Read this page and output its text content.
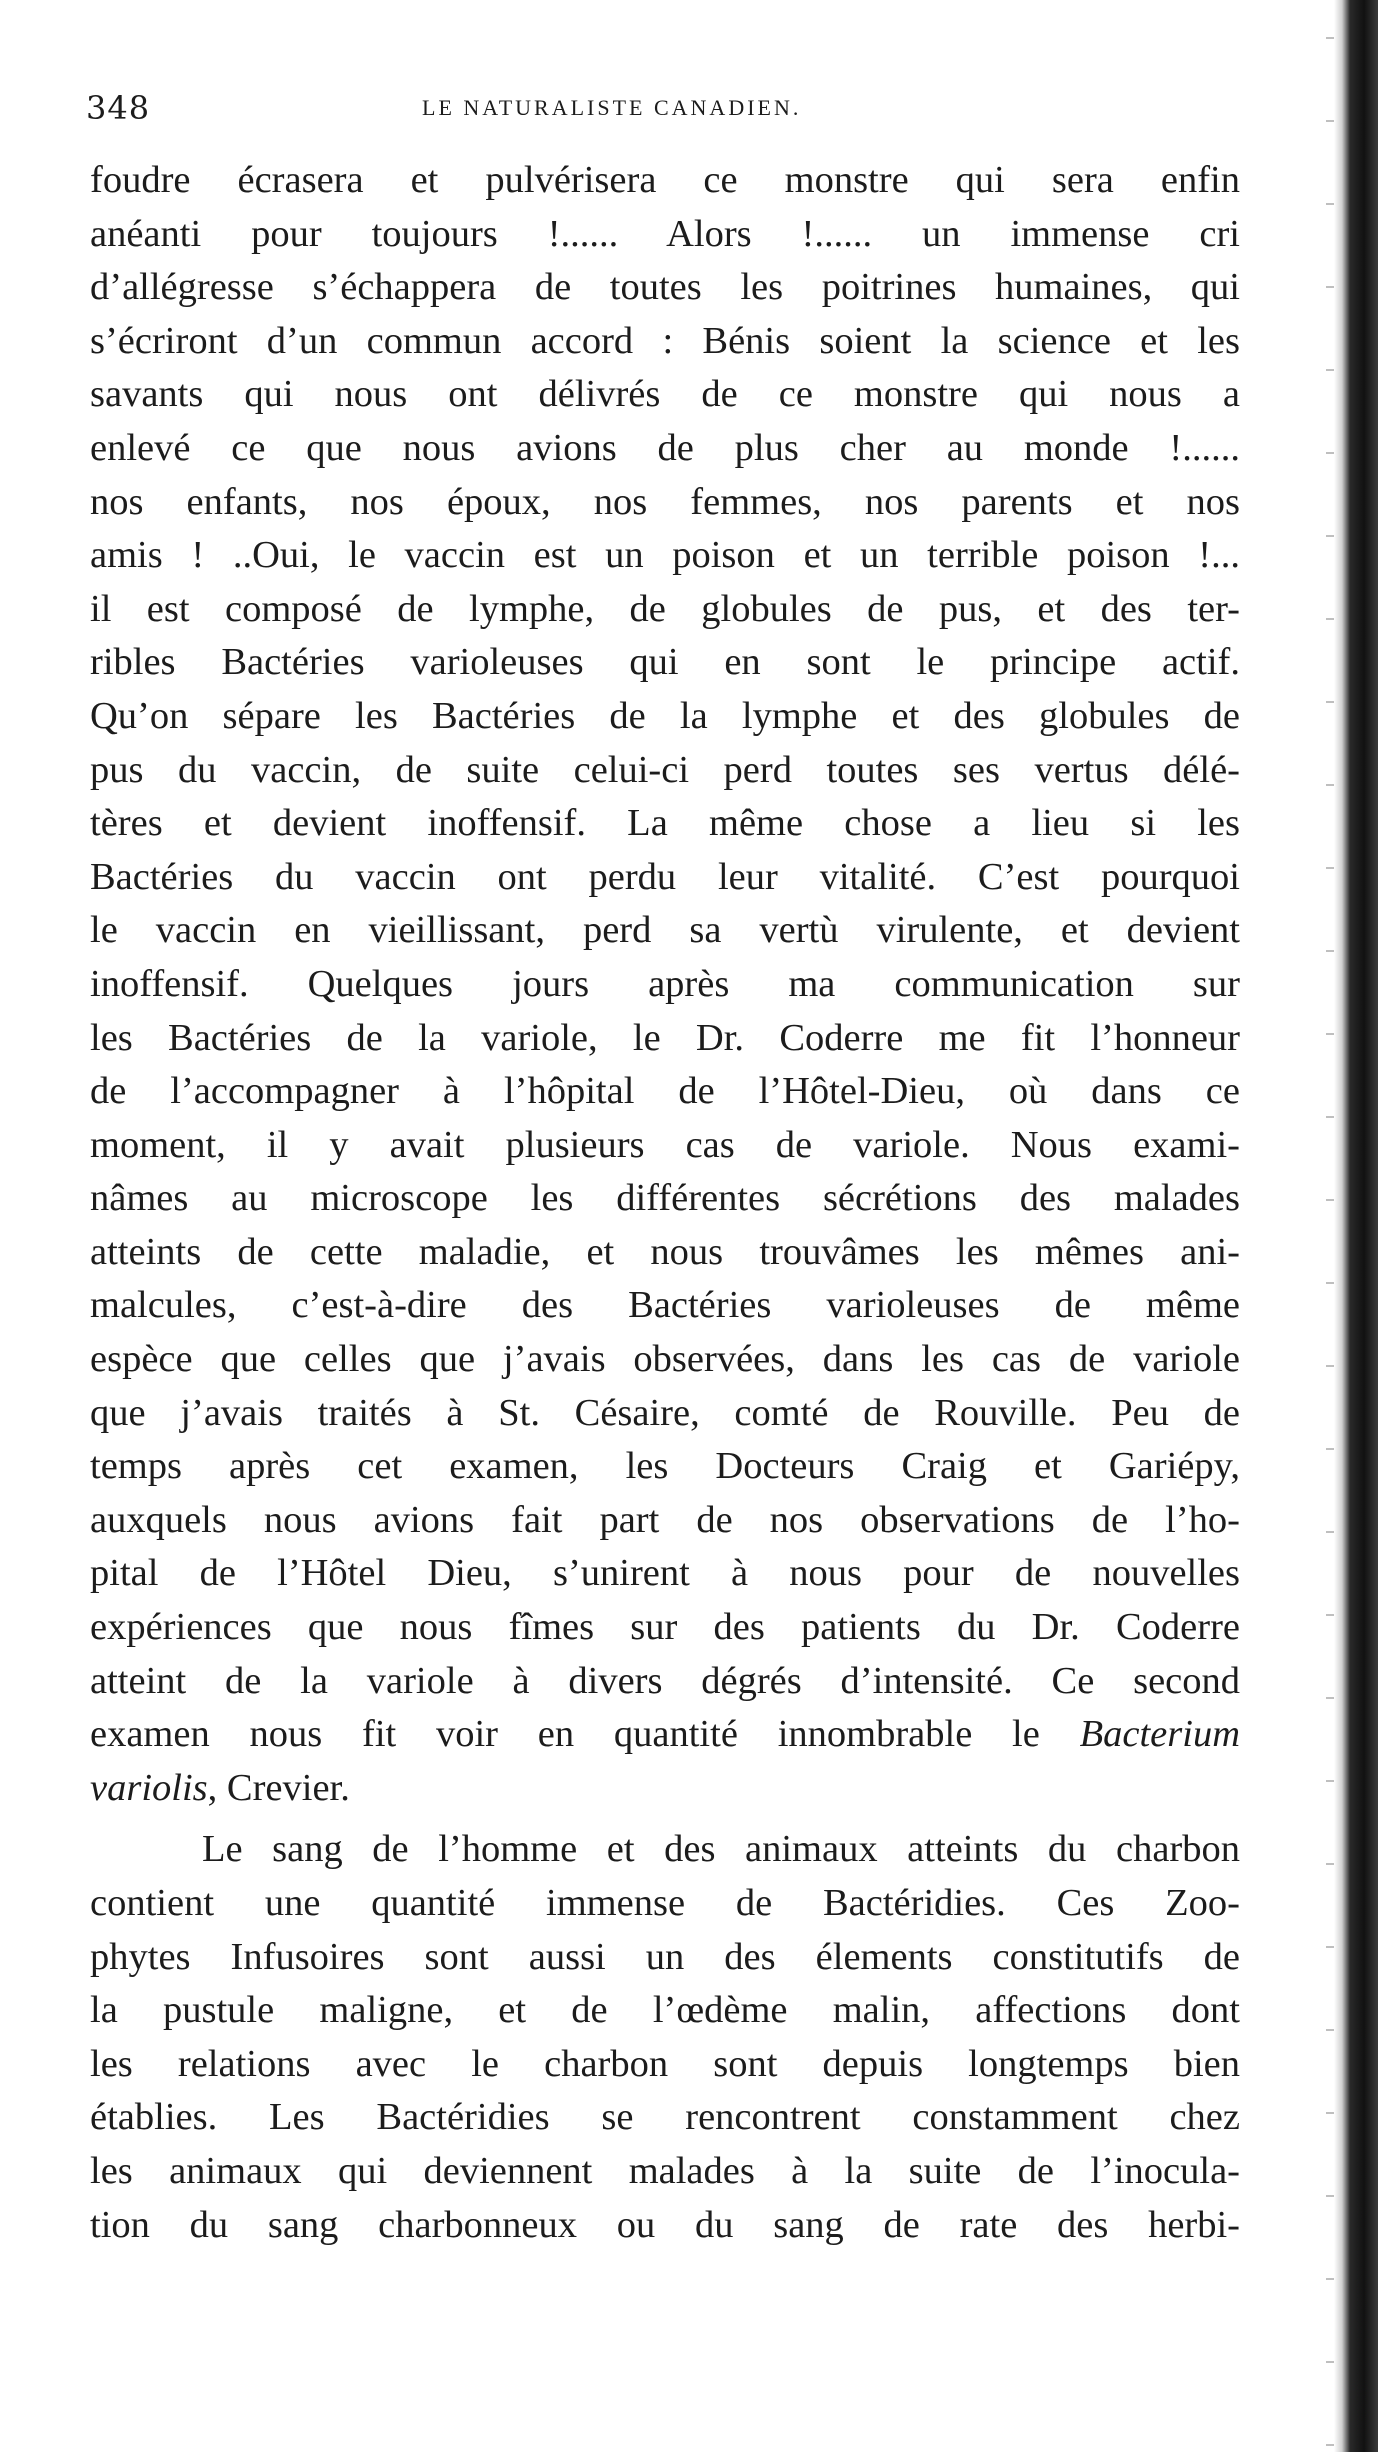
348	LE NATURALISTE CANADIEN.
foudre écrasera et pulvérisera ce monstre qui sera enfin
anéanti pour toujours !...... Alors !...... un immense cri
d’allégresse s’échappera de toutes les poitrines humaines, qui
s’écriront d’un commun accord : Bénis soient la science et les
savants qui nous ont délivrés de ce monstre qui nous a
enlevé ce que nous avions de plus cher au monde !......
nos enfants, nos époux, nos femmes, nos parents et nos
amis ! ..Oui, le vaccin est un poison et un terrible poison !...
il est composé de lymphe, de globules de pus, et des ter-
ribles Bactéries varioleuses qui en sont le principe actif.
Qu’on sépare les Bactéries de la lymphe et des globules de
pus du vaccin, de suite celui-ci perd toutes ses vertus délé-
tères et devient inoffensif. La même chose a lieu si les
Bactéries du vaccin ont perdu leur vitalité. C’est pourquoi
le vaccin en vieillissant, perd sa vertù virulente, et devient
inoffensif. Quelques jours après ma communication sur
les Bactéries de la variole, le Dr. Coderre me fit l’honneur
de l’accompagner à l’hôpital de l’Hôtel-Dieu, où dans ce
moment, il y avait plusieurs cas de variole. Nous exami-
nâmes au microscope les différentes sécrétions des malades
atteints de cette maladie, et nous trouvâmes les mêmes ani-
malcules, c’est-à-dire des Bactéries varioleuses de même
espèce que celles que j’avais observées, dans les cas de variole
que j’avais traités à St. Césaire, comté de Rouville. Peu de
temps après cet examen, les Docteurs Craig et Gariépy,
auxquels nous avions fait part de nos observations de l’ho-
pital de l’Hôtel Dieu, s’unirent à nous pour de nouvelles
expériences que nous fîmes sur des patients du Dr. Coderre
atteint de la variole à divers dégrés d’intensité. Ce second
examen nous fit voir en quantité innombrable le Bacterium
variolis, Crevier.
Le sang de l’homme et des animaux atteints du charbon
contient une quantité immense de Bactéridies. Ces Zoo-
phytes Infusoires sont aussi un des élements constitutifs de
la pustule maligne, et de l’œdème malin, affections dont
les relations avec le charbon sont depuis longtemps bien
établies. Les Bactéridies se rencontrent constamment chez
les animaux qui deviennent malades à la suite de l’inocula-
tion du sang charbonneux ou du sang de rate des herbi-
